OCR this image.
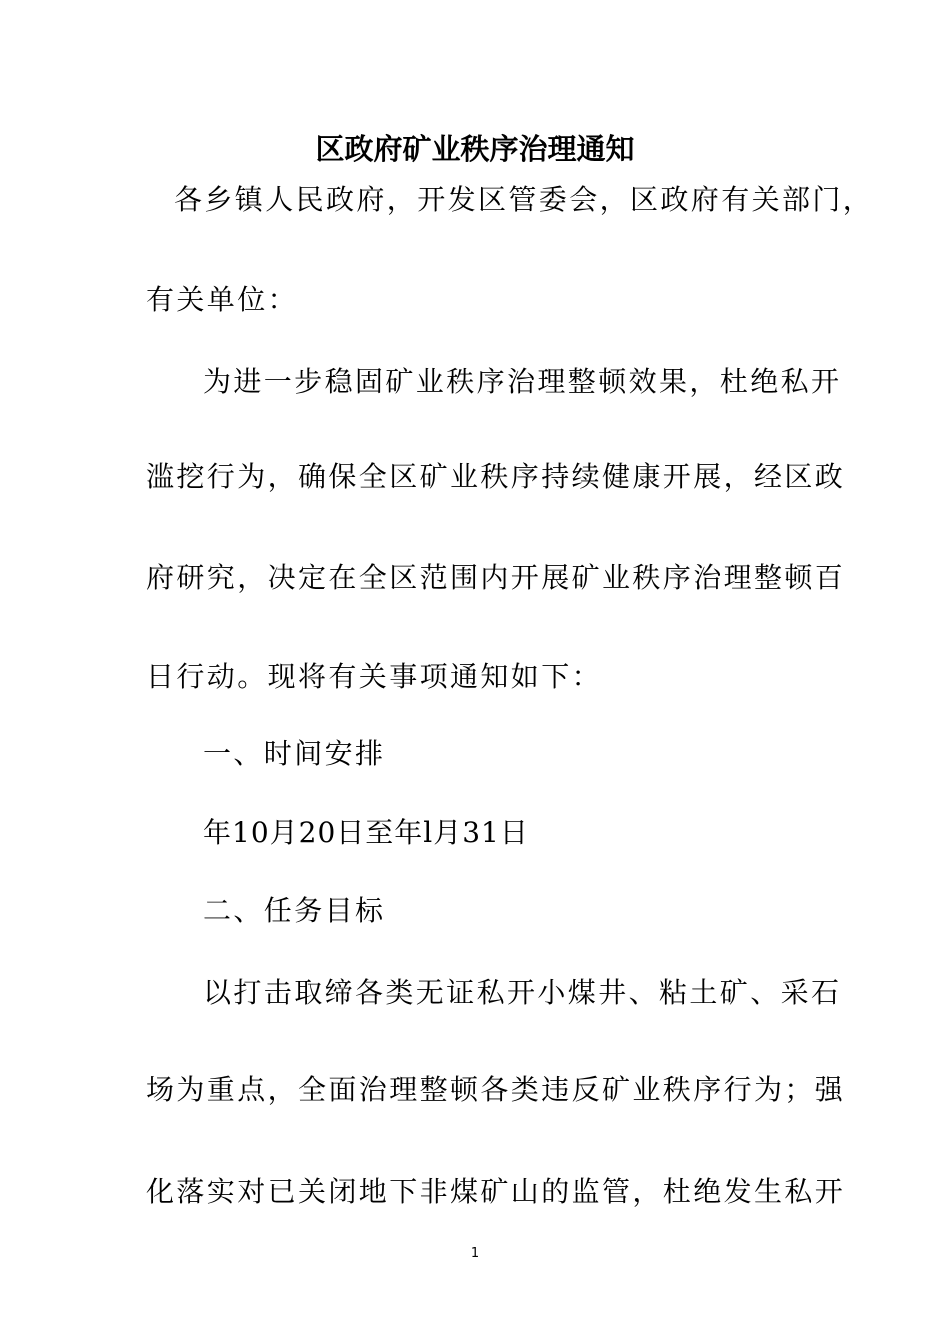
区政府矿业秩序治理通知
各乡镇人民政府，开发区管委会，区政府有关部门，
有关单位：
为进一步稳固矿业秩序治理整顿效果，杜绝私开
滥挖行为，确保全区矿业秩序持续健康开展，经区政
府研究，决定在全区范围内开展矿业秩序治理整顿百
日行动。现将有关事项通知如下：
一、时间安排
年10月20日至年l月31日
二、任务目标
以打击取缔各类无证私开小煤井、粘土矿、采石
场为重点，全面治理整顿各类违反矿业秩序行为；强
化落实对已关闭地下非煤矿山的监管，杜绝发生私开
1
